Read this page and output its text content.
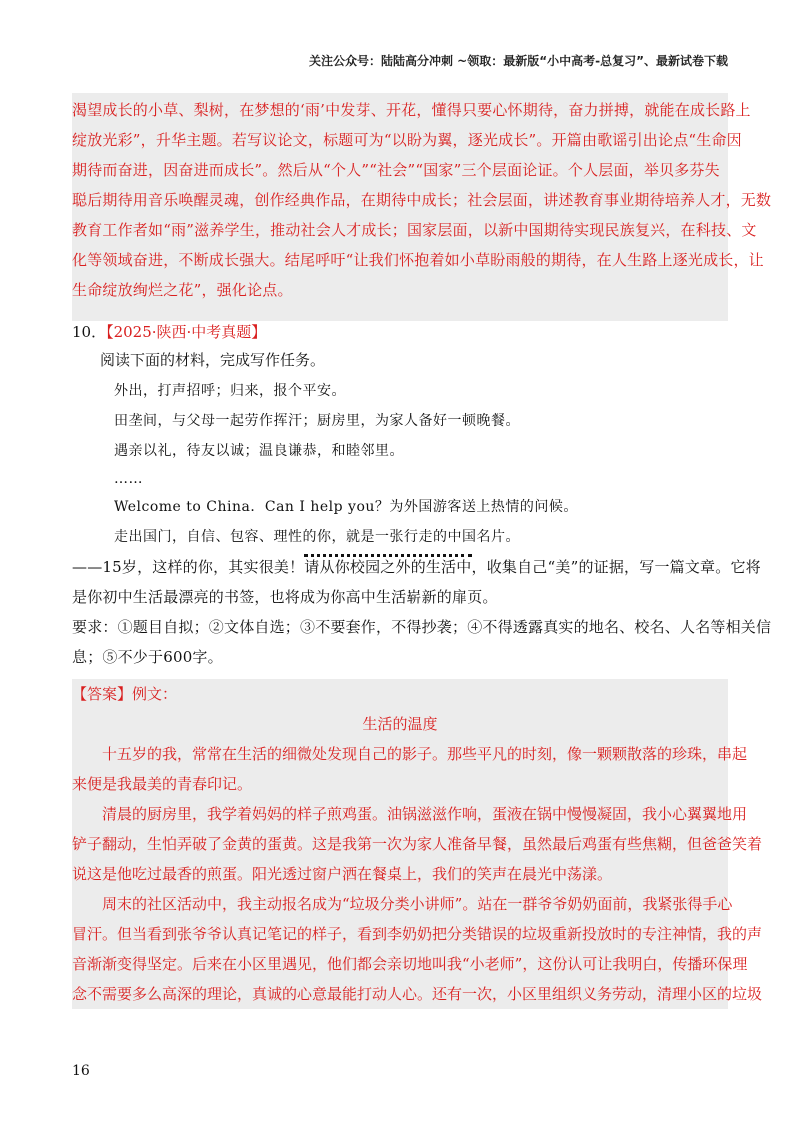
关注公众号：陆陆高分冲刺 ~领取：最新版“小中高考-总复习”、最新试卷下载
渴望成长的小草、梨树，在梦想的‘雨’中发芽、开花，懂得只要心怀期待，奋力拼搏，就能在成长路上
绽放光彩”，升华主题。若写议论文，标题可为“以盼为翼，逐光成长”。开篇由歌谣引出论点“生命因
期待而奋进，因奋进而成长”。然后从“个人”“社会”“国家”三个层面论证。个人层面，举贝多芬失
聪后期待用音乐唤醒灵魂，创作经典作品，在期待中成长；社会层面，讲述教育事业期待培养人才，无数
教育工作者如“雨”滋养学生，推动社会人才成长；国家层面，以新中国期待实现民族复兴，在科技、文
化等领域奋进，不断成长强大。结尾呼吁“让我们怀抱着如小草盼雨般的期待，在人生路上逐光成长，让
生命绽放绚烂之花”，强化论点。
10．【2025·陕西·中考真题】
阅读下面的材料，完成写作任务。
外出，打声招呼；归来，报个平安。
田垄间，与父母一起劳作挥汗；厨房里，为家人备好一顿晚餐。
遇亲以礼，待友以诚；温良谦恭，和睦邻里。
……
Welcome to China．Can I help you？为外国游客送上热情的问候。
走出国门，自信、包容、理性的你，就是一张行走的中国名片。
——15岁，这样的你，其实很美！请从你校园之外的生活中，收集自己“美”的证据，写一篇文章。它将
是你初中生活最漂亮的书签，也将成为你高中生活崭新的扉页。
要求：①题目自拟；②文体自选；③不要套作，不得抄袭；④不得透露真实的地名、校名、人名等相关信
息；⑤不少于600字。
【答案】例文：
生活的温度
十五岁的我，常常在生活的细微处发现自己的影子。那些平凡的时刻，像一颗颗散落的珍珠，串起
来便是我最美的青春印记。
清晨的厨房里，我学着妈妈的样子煎鸡蛋。油锅滋滋作响，蛋液在锅中慢慢凝固，我小心翼翼地用
铲子翻动，生怕弄破了金黄的蛋黄。这是我第一次为家人准备早餐，虽然最后鸡蛋有些焦糊，但爸爸笑着
说这是他吃过最香的煎蛋。阳光透过窗户洒在餐桌上，我们的笑声在晨光中荡漾。
周末的社区活动中，我主动报名成为“垃圾分类小讲师”。站在一群爷爷奶奶面前，我紧张得手心
冒汗。但当看到张爷爷认真记笔记的样子，看到李奶奶把分类错误的垃圾重新投放时的专注神情，我的声
音渐渐变得坚定。后来在小区里遇见，他们都会亲切地叫我“小老师”，这份认可让我明白，传播环保理
念不需要多么高深的理论，真诚的心意最能打动人心。还有一次，小区里组织义务劳动，清理小区的垃圾
16
